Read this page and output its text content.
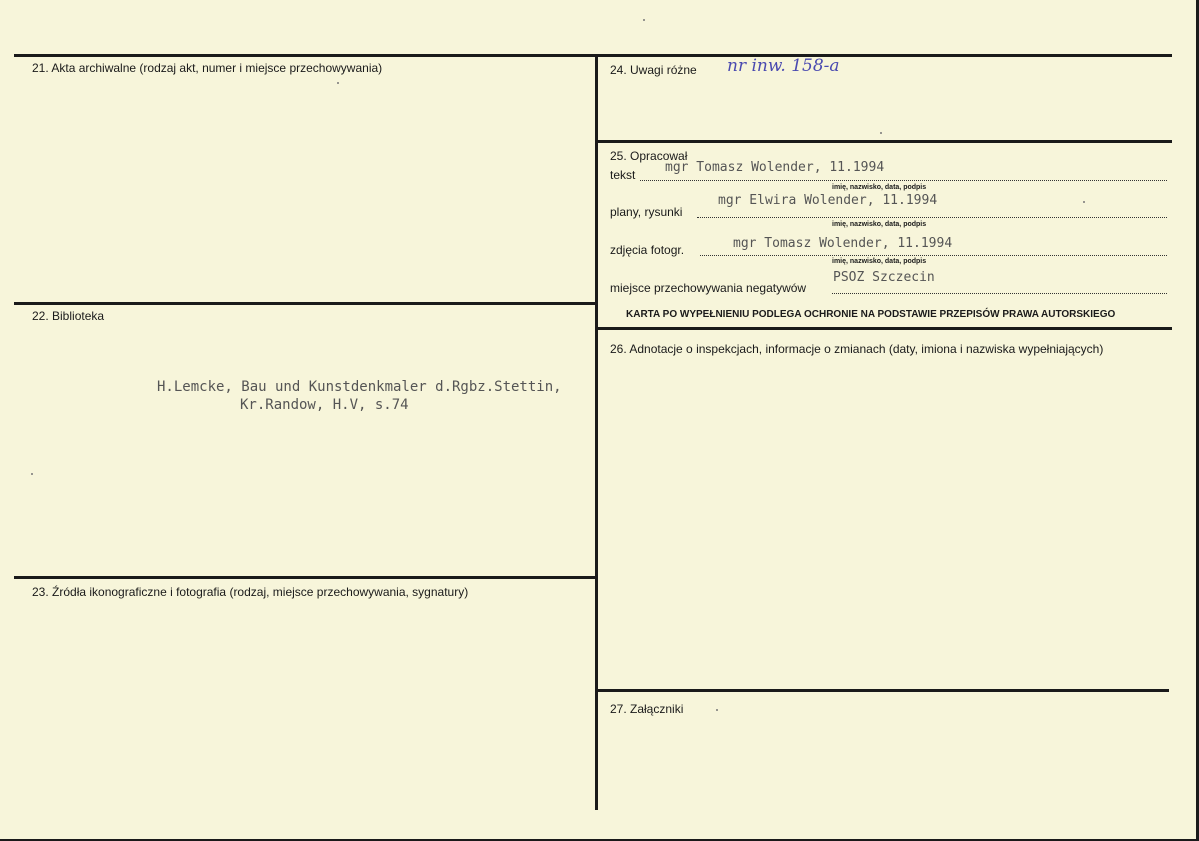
21. Akta archiwalne (rodzaj akt, numer i miejsce przechowywania)
22. Biblioteka
H.Lemcke, Bau und Kunstdenkmaler d.Rgbz.Stettin,
Kr.Randow, H.V, s.74
23. Źródła ikonograficzne i fotografia (rodzaj, miejsce przechowywania, sygnatury)
24. Uwagi różne nr inw. 158-a
25. Opracował
tekst mgr Tomasz Wolender, 11.1994
imię, nazwisko, data, podpis
plany, rysunki
mgr Elwira Wolender, 11.1994
imię, nazwisko, data, podpis
zdjęcia fotogr.	mgr Tomasz Wolender, 11.1994
imię, nazwisko, data, podpis
miejsce przechowywania negatywów
PSOZ Szczecin
KARTA PO WYPEŁNIENIU PODLEGA OCHRONIE NA PODSTAWIE PRZEPISÓW PRAWA AUTORSKIEGO
26. Adnotacje o inspekcjach, informacje o zmianach (daty, imiona i nazwiska wypełniających)
27. Załączniki
